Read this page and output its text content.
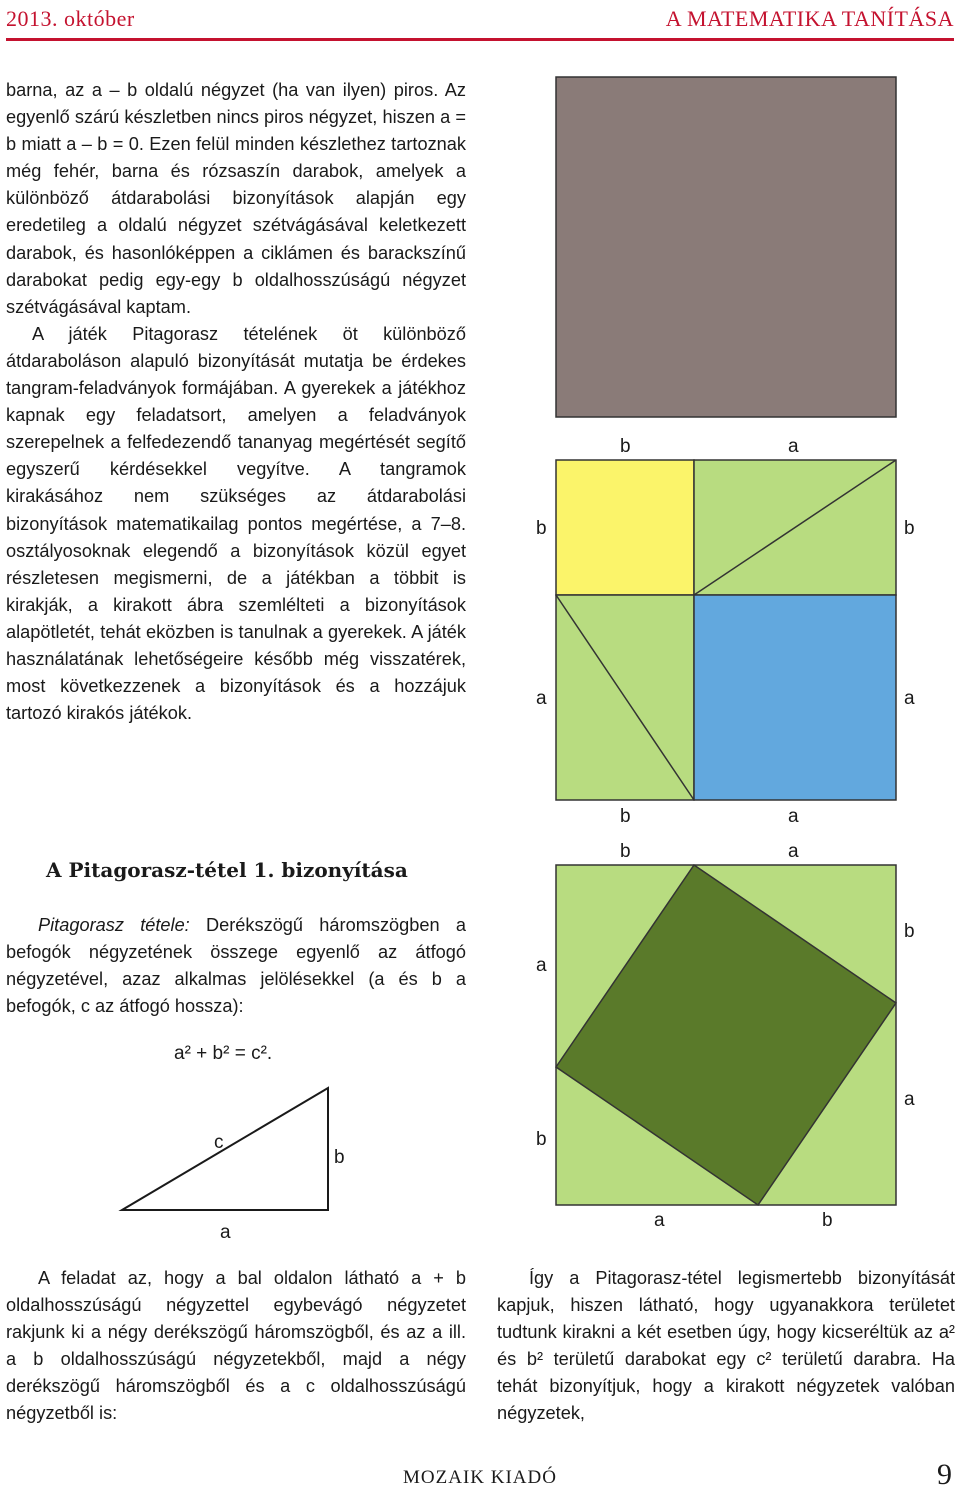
2013. október	A MATEMATIKA TANÍTÁSA

barna, az a – b oldalú négyzet (ha van ilyen) piros. Az egyenlő szárú készletben nincs piros négyzet, hiszen a = b miatt a – b = 0. Ezen felül minden készlethez tartoznak még fehér, barna és rózsaszín darabok, amelyek a különböző átdarabolási bizonyítások alapján egy eredetileg a oldalú négyzet szétvágásával keletkezett darabok, és hasonlóképpen a ciklámen és barackszínű darabokat pedig egy-egy b oldalhosszúságú négyzet szétvágásával kaptam.

A játék Pitagorasz tételének öt különböző átdaraboláson alapuló bizonyítását mutatja be érdekes tangram-feladványok formájában. A gyerekek a játékhoz kapnak egy feladatsort, amelyen a feladványok szerepelnek a felfedezendő tananyag megértését segítő egyszerű kérdésekkel vegyítve. A tangramok kirakásához nem szükséges az átdarabolási bizonyítások matematikailag pontos megértése, a 7–8. osztályosoknak elegendő a bizonyítások közül egyet részletesen megismerni, de a játékban a többit is kirakják, a kirakott ábra szemlélteti a bizonyítások alapötletét, tehát eközben is tanulnak a gyerekek. A játék használatának lehetőségeire később még visszatérek, most következzenek a bizonyítások és a hozzájuk tartozó kirakós játékok.

A Pitagorasz-tétel 1. bizonyítása
Pitagorasz tétele: Derékszögű háromszögben a befogók négyzetének összege egyenlő az átfogó négyzetével, azaz alkalmas jelölésekkel (a és b a befogók, c az átfogó hossza):
a² + b² = c².
c
b
a
b	a
b
a
b
a
b	a
b	a
a
b
b
a
a	b
A feladat az, hogy a bal oldalon látható a + b oldalhosszúságú négyzettel egybevágó négyzetet rakjunk ki a négy derékszögű háromszögből, és az a ill. a b oldalhosszúságú négyzetekből, majd a négy derékszögű háromszögből és a c oldalhosszúságú négyzetből is:
Így a Pitagorasz-tétel legismertebb bizonyítását kapjuk, hiszen látható, hogy ugyanakkora területet tudtunk kirakni a két esetben úgy, hogy kicseréltük az a² és b² területű darabokat egy c² területű darabra. Ha tehát bizonyítjuk, hogy a kirakott négyzetek valóban négyzetek,
MOZAIK KIADÓ	9
